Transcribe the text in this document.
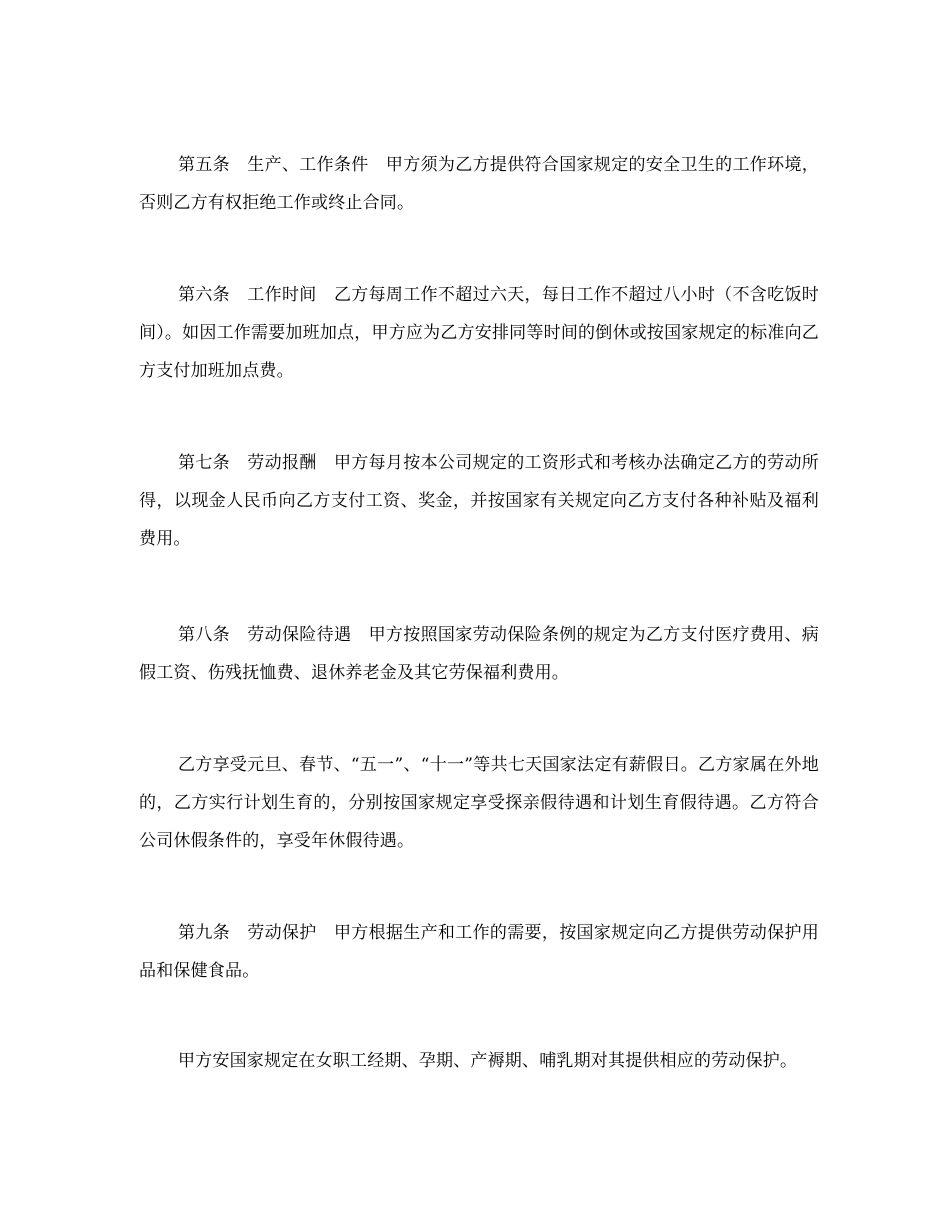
第五条　生产、工作条件　甲方须为乙方提供符合国家规定的安全卫生的工作环境，否则乙方有权拒绝工作或终止合同。

第六条　工作时间　乙方每周工作不超过六天，每日工作不超过八小时（不含吃饭时间）。如因工作需要加班加点，甲方应为乙方安排同等时间的倒休或按国家规定的标准向乙方支付加班加点费。

第七条　劳动报酬　甲方每月按本公司规定的工资形式和考核办法确定乙方的劳动所得，以现金人民币向乙方支付工资、奖金，并按国家有关规定向乙方支付各种补贴及福利费用。

第八条　劳动保险待遇　甲方按照国家劳动保险条例的规定为乙方支付医疗费用、病假工资、伤残抚恤费、退休养老金及其它劳保福利费用。

乙方享受元旦、春节、“五一”、“十一”等共七天国家法定有薪假日。乙方家属在外地的，乙方实行计划生育的，分别按国家规定享受探亲假待遇和计划生育假待遇。乙方符合公司休假条件的，享受年休假待遇。

第九条　劳动保护　甲方根据生产和工作的需要，按国家规定向乙方提供劳动保护用品和保健食品。

甲方安国家规定在女职工经期、孕期、产褥期、哺乳期对其提供相应的劳动保护。
